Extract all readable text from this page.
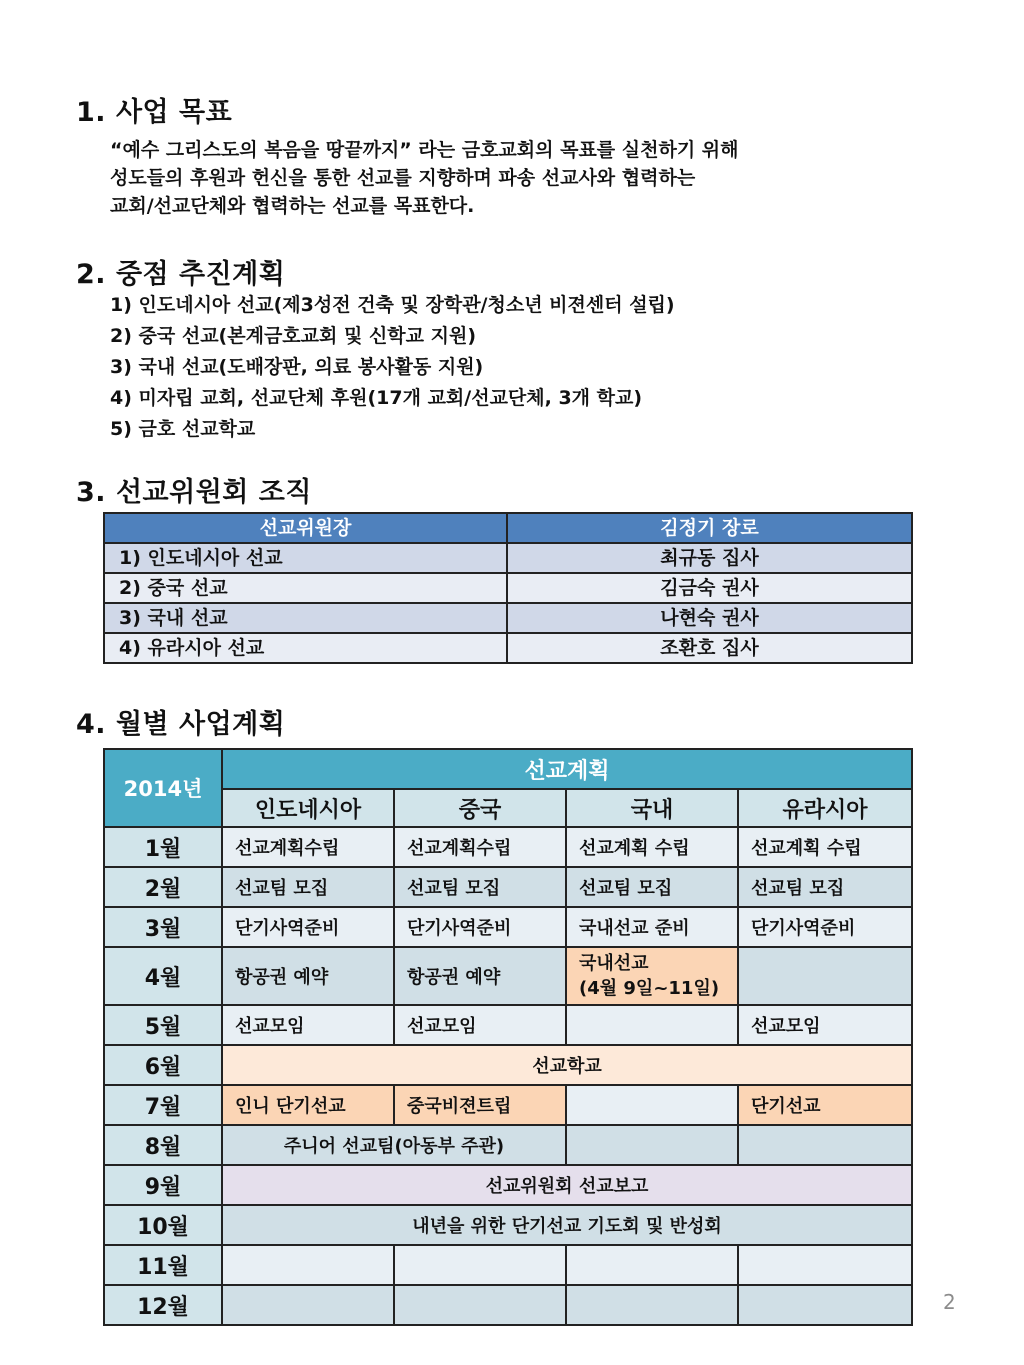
1. 사업 목표
“예수 그리스도의 복음을 땅끝까지” 라는 금호교회의 목표를 실천하기 위해
성도들의 후원과 헌신을 통한 선교를 지향하며 파송 선교사와 협력하는
교회/선교단체와 협력하는 선교를 목표한다.
2. 중점 추진계획
1) 인도네시아 선교(제3성전 건축 및 장학관/청소년 비젼센터 설립)
2) 중국 선교(본계금호교회 및 신학교 지원)
3) 국내 선교(도배장판, 의료 봉사활동 지원)
4) 미자립 교회, 선교단체 후원(17개 교회/선교단체, 3개 학교)
5) 금호 선교학교
3. 선교위원회 조직
선교위원장	김정기 장로
1) 인도네시아 선교	최규동 집사
2) 중국 선교	김금숙 권사
3) 국내 선교	나현숙 권사
4) 유라시아 선교	조환호 집사
4. 월별 사업계획
2014년	선교계획			
	인도네시아	중국	국내	유라시아
1월	선교계획수립	선교계획수립	선교계획 수립	선교계획 수립
2월	선교팀 모집	선교팀 모집	선교팀 모집	선교팀 모집
3월	단기사역준비	단기사역준비	국내선교 준비	단기사역준비
4월	항공권 예약	항공권 예약	국내선교
(4월 9일~11일)	

5월	선교모임	선교모임		선교모임
6월	선교학교			
7월	인니 단기선교	중국비젼트립		단기선교
8월	주니어 선교팀(아동부 주관)			
9월	선교위원회 선교보고			
10월	내년을 위한 단기선교 기도회 및 반성회			
11월				
12월					2
